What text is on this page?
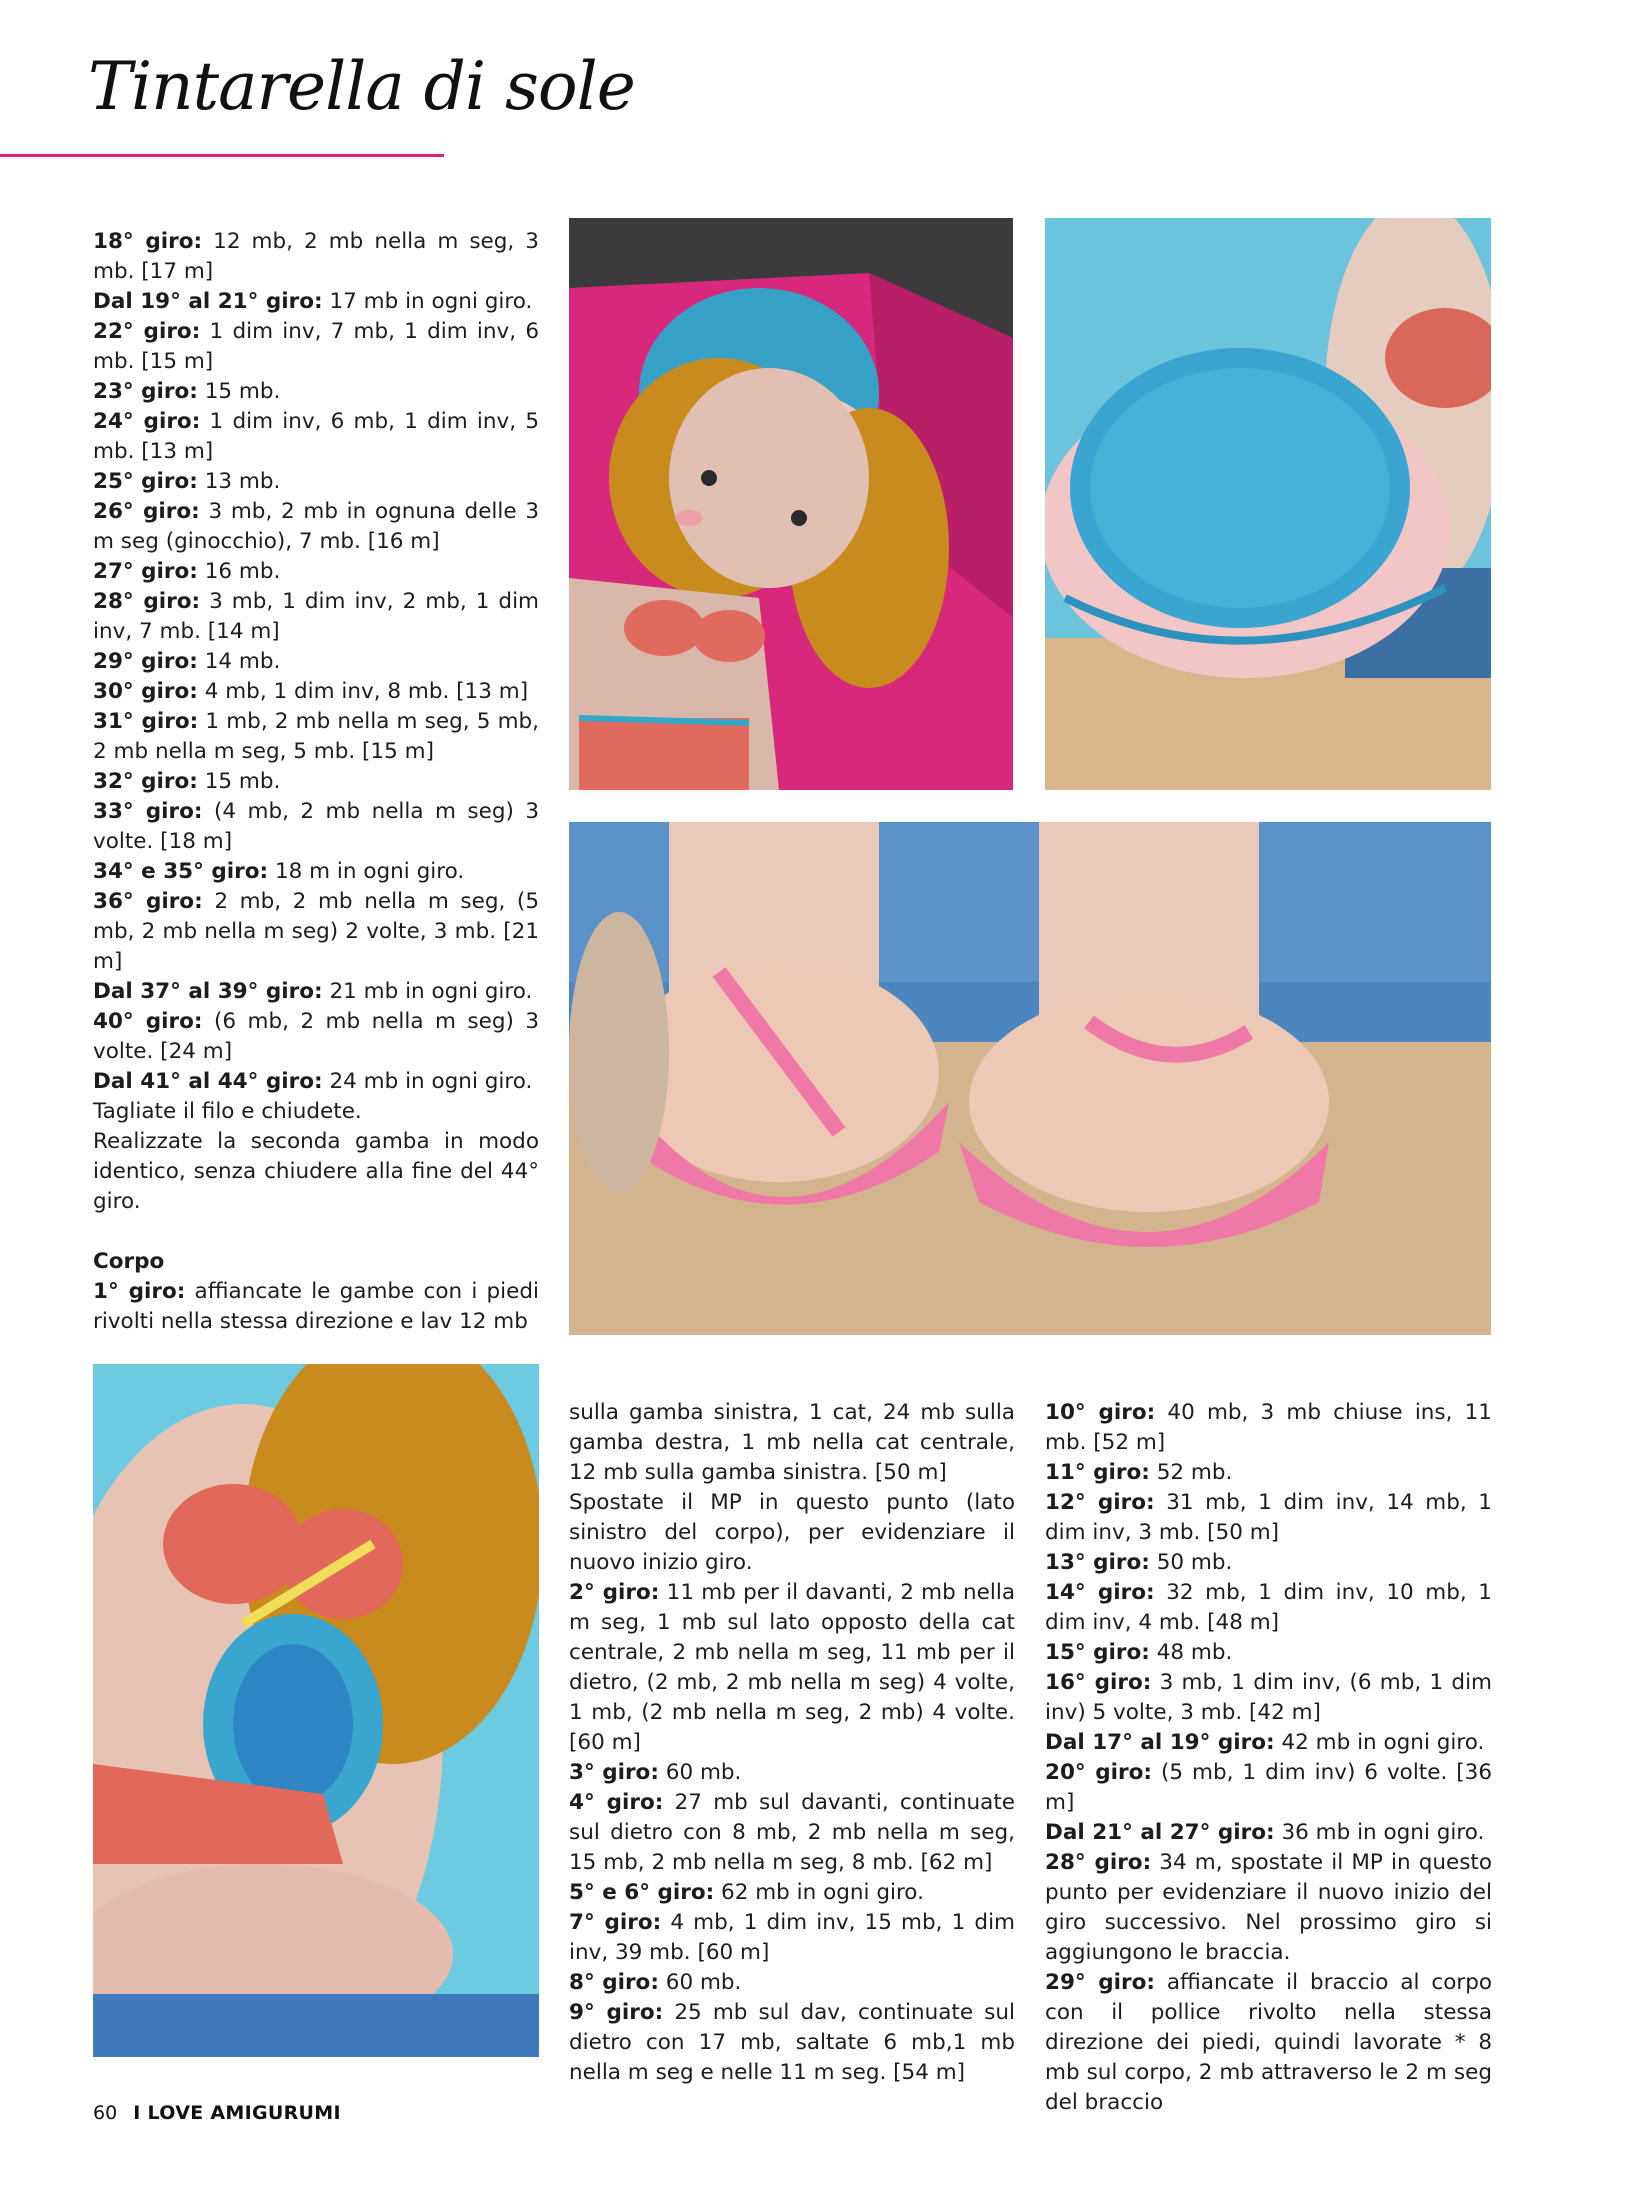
Tintarella di sole

18° giro: 12 mb, 2 mb nella m seg, 3 mb. [17 m]

Dal 19° al 21° giro: 17 mb in ogni giro.

22° giro: 1 dim inv, 7 mb, 1 dim inv, 6 mb. [15 m]

23° giro: 15 mb.

24° giro: 1 dim inv, 6 mb, 1 dim inv, 5 mb. [13 m]

25° giro: 13 mb.

26° giro: 3 mb, 2 mb in ognuna delle 3 m seg (ginocchio), 7 mb. [16 m]

27° giro: 16 mb.

28° giro: 3 mb, 1 dim inv, 2 mb, 1 dim inv, 7 mb. [14 m]

29° giro: 14 mb.

30° giro: 4 mb, 1 dim inv, 8 mb. [13 m]

31° giro: 1 mb, 2 mb nella m seg, 5 mb, 2 mb nella m seg, 5 mb. [15 m]

32° giro: 15 mb.

33° giro: (4 mb, 2 mb nella m seg) 3 volte. [18 m]

34° e 35° giro: 18 m in ogni giro.

36° giro: 2 mb, 2 mb nella m seg, (5 mb, 2 mb nella m seg) 2 volte, 3 mb. [21 m]

Dal 37° al 39° giro: 21 mb in ogni giro.

40° giro: (6 mb, 2 mb nella m seg) 3 volte. [24 m]

Dal 41° al 44° giro: 24 mb in ogni giro.

Tagliate il filo e chiudete.

Realizzate la seconda gamba in modo identico, senza chiudere alla fine del 44° giro.

Corpo

1° giro: affiancate le gambe con i piedi rivolti nella stessa direzione e lav 12 mb

sulla gamba sinistra, 1 cat, 24 mb sulla gamba destra, 1 mb nella cat centrale, 12 mb sulla gamba sinistra. [50 m]

Spostate il MP in questo punto (lato sinistro del corpo), per evidenziare il nuovo inizio giro.

2° giro: 11 mb per il davanti, 2 mb nella m seg, 1 mb sul lato opposto della cat centrale, 2 mb nella m seg, 11 mb per il dietro, (2 mb, 2 mb nella m seg) 4 volte, 1 mb, (2 mb nella m seg, 2 mb) 4 volte. [60 m]

3° giro: 60 mb.

4° giro: 27 mb sul davanti, continuate sul dietro con 8 mb, 2 mb nella m seg, 15 mb, 2 mb nella m seg, 8 mb. [62 m]

5° e 6° giro: 62 mb in ogni giro.

7° giro: 4 mb, 1 dim inv, 15 mb, 1 dim inv, 39 mb. [60 m]

8° giro: 60 mb.

9° giro: 25 mb sul dav, continuate sul dietro con 17 mb, saltate 6 mb,1 mb nella m seg e nelle 11 m seg. [54 m]

10° giro: 40 mb, 3 mb chiuse ins, 11 mb. [52 m]

11° giro: 52 mb.

12° giro: 31 mb, 1 dim inv, 14 mb, 1 dim inv, 3 mb. [50 m]

13° giro: 50 mb.

14° giro: 32 mb, 1 dim inv, 10 mb, 1 dim inv, 4 mb. [48 m]

15° giro: 48 mb.

16° giro: 3 mb, 1 dim inv, (6 mb, 1 dim inv) 5 volte, 3 mb. [42 m]

Dal 17° al 19° giro: 42 mb in ogni giro.

20° giro: (5 mb, 1 dim inv) 6 volte. [36 m]

Dal 21° al 27° giro: 36 mb in ogni giro.

28° giro: 34 m, spostate il MP in questo punto per evidenziare il nuovo inizio del giro successivo. Nel prossimo giro si aggiungono le braccia.

29° giro: affiancate il braccio al corpo con il pollice rivolto nella stessa direzione dei piedi, quindi lavorate * 8 mb sul corpo, 2 mb attraverso le 2 m seg del braccio

60 I LOVE AMIGURUMI
